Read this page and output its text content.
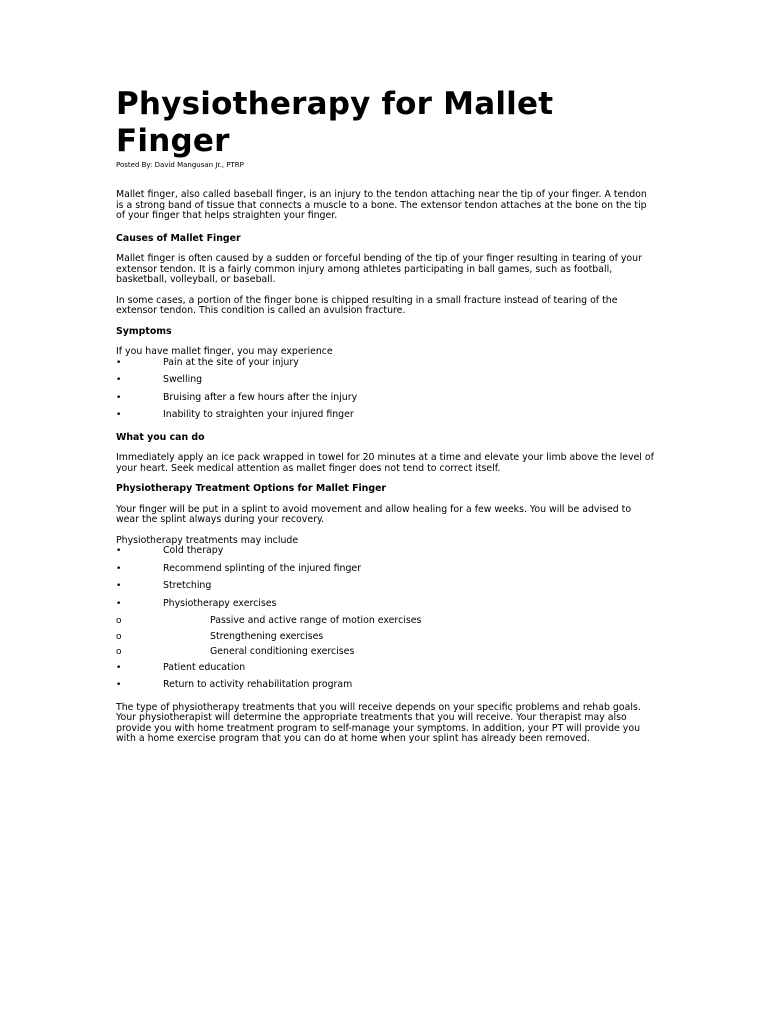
Physiotherapy for Mallet Finger
Posted By: David Mangusan Jr., PTRP

Mallet finger, also called baseball finger, is an injury to the tendon attaching near the tip of your finger. A tendon is a strong band of tissue that connects a muscle to a bone. The extensor tendon attaches at the bone on the tip of your finger that helps straighten your finger.

Causes of Mallet Finger

Mallet finger is often caused by a sudden or forceful bending of the tip of your finger resulting in tearing of your extensor tendon. It is a fairly common injury among athletes participating in ball games, such as football, basketball, volleyball, or baseball.

In some cases, a portion of the finger bone is chipped resulting in a small fracture instead of tearing of the extensor tendon. This condition is called an avulsion fracture.

Symptoms

If you have mallet finger, you may experience

•	Pain at the site of your injury
•	Swelling
•	Bruising after a few hours after the injury
•	Inability to straighten your injured finger
What you can do

Immediately apply an ice pack wrapped in towel for 20 minutes at a time and elevate your limb above the level of your heart. Seek medical attention as mallet finger does not tend to correct itself.

Physiotherapy Treatment Options for Mallet Finger

Your finger will be put in a splint to avoid movement and allow healing for a few weeks. You will be advised to wear the splint always during your recovery.

Physiotherapy treatments may include

•	Cold therapy
•	Recommend splinting of the injured finger
•	Stretching
•	Physiotherapy exercises
o	Passive and active range of motion exercises
o	Strengthening exercises
o	General conditioning exercises
•	Patient education
•	Return to activity rehabilitation program

The type of physiotherapy treatments that you will receive depends on your specific problems and rehab goals. Your physiotherapist will determine the appropriate treatments that you will receive. Your therapist may also provide you with home treatment program to self-manage your symptoms. In addition, your PT will provide you with a home exercise program that you can do at home when your splint has already been removed.
